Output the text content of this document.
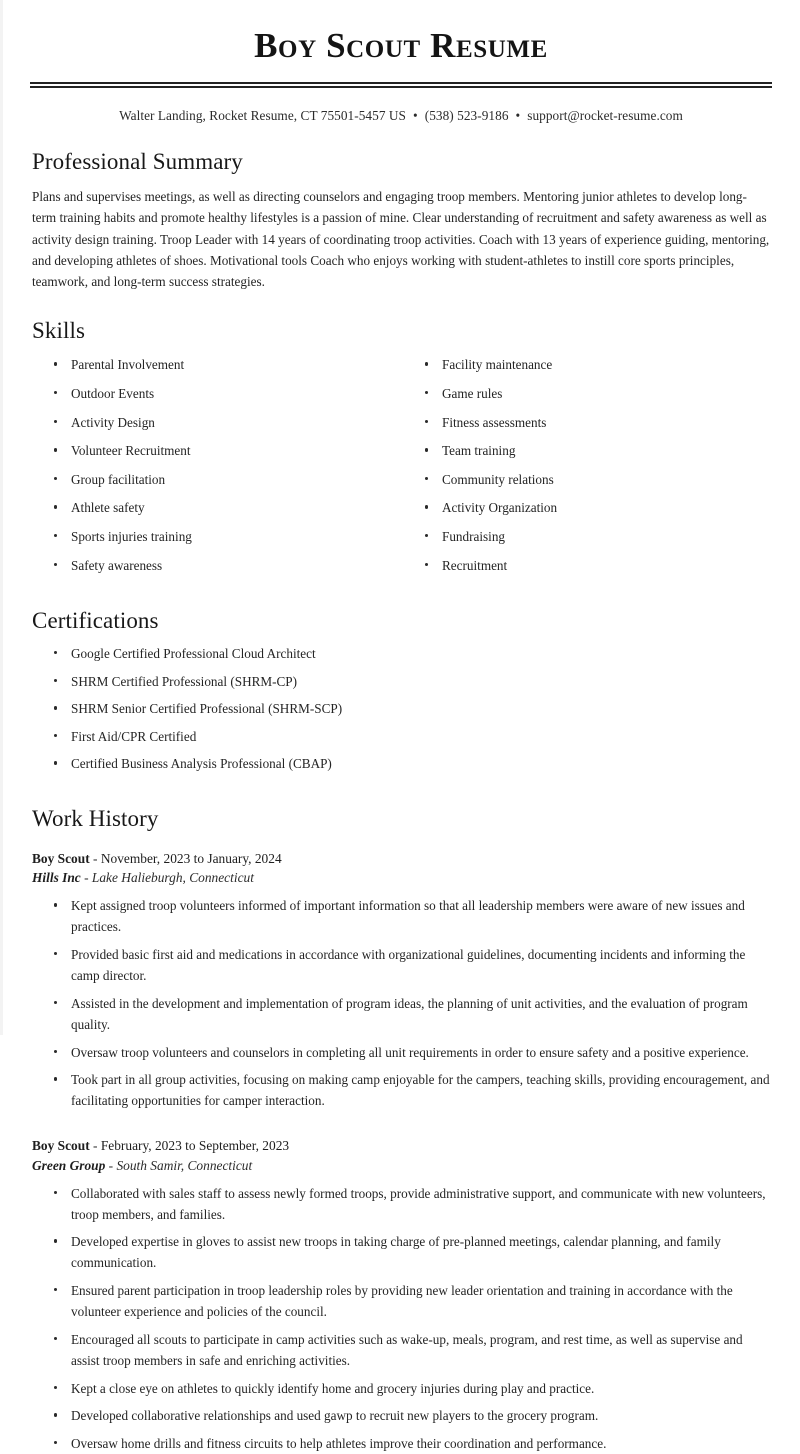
Boy Scout Resume

Walter Landing, Rocket Resume, CT 75501-5457 US • (538) 523-9186 • support@rocket-resume.com

Professional Summary

Plans and supervises meetings, as well as directing counselors and engaging troop members. Mentoring junior athletes to develop long-term training habits and promote healthy lifestyles is a passion of mine. Clear understanding of recruitment and safety awareness as well as activity design training. Troop Leader with 14 years of coordinating troop activities. Coach with 13 years of experience guiding, mentoring, and developing athletes of shoes. Motivational tools Coach who enjoys working with student-athletes to instill core sports principles, teamwork, and long-term success strategies.

Skills
Parental Involvement
Outdoor Events
Activity Design
Volunteer Recruitment
Group facilitation
Athlete safety
Sports injuries training
Safety awareness
Facility maintenance
Game rules
Fitness assessments
Team training
Community relations
Activity Organization
Fundraising
Recruitment
Certifications
Google Certified Professional Cloud Architect
SHRM Certified Professional (SHRM-CP)
SHRM Senior Certified Professional (SHRM-SCP)
First Aid/CPR Certified
Certified Business Analysis Professional (CBAP)
Work History

Boy Scout - November, 2023 to January, 2024

Hills Inc - Lake Halieburgh, Connecticut

Kept assigned troop volunteers informed of important information so that all leadership members were aware of new issues and practices.
Provided basic first aid and medications in accordance with organizational guidelines, documenting incidents and informing the camp director.
Assisted in the development and implementation of program ideas, the planning of unit activities, and the evaluation of program quality.
Oversaw troop volunteers and counselors in completing all unit requirements in order to ensure safety and a positive experience.
Took part in all group activities, focusing on making camp enjoyable for the campers, teaching skills, providing encouragement, and facilitating opportunities for camper interaction.

Boy Scout - February, 2023 to September, 2023

Green Group - South Samir, Connecticut

Collaborated with sales staff to assess newly formed troops, provide administrative support, and communicate with new volunteers, troop members, and families.
Developed expertise in gloves to assist new troops in taking charge of pre-planned meetings, calendar planning, and family communication.
Ensured parent participation in troop leadership roles by providing new leader orientation and training in accordance with the volunteer experience and policies of the council.
Encouraged all scouts to participate in camp activities such as wake-up, meals, program, and rest time, as well as supervise and assist troop members in safe and enriching activities.
Kept a close eye on athletes to quickly identify home and grocery injuries during play and practice.
Developed collaborative relationships and used gawp to recruit new players to the grocery program.
Oversaw home drills and fitness circuits to help athletes improve their coordination and performance.
